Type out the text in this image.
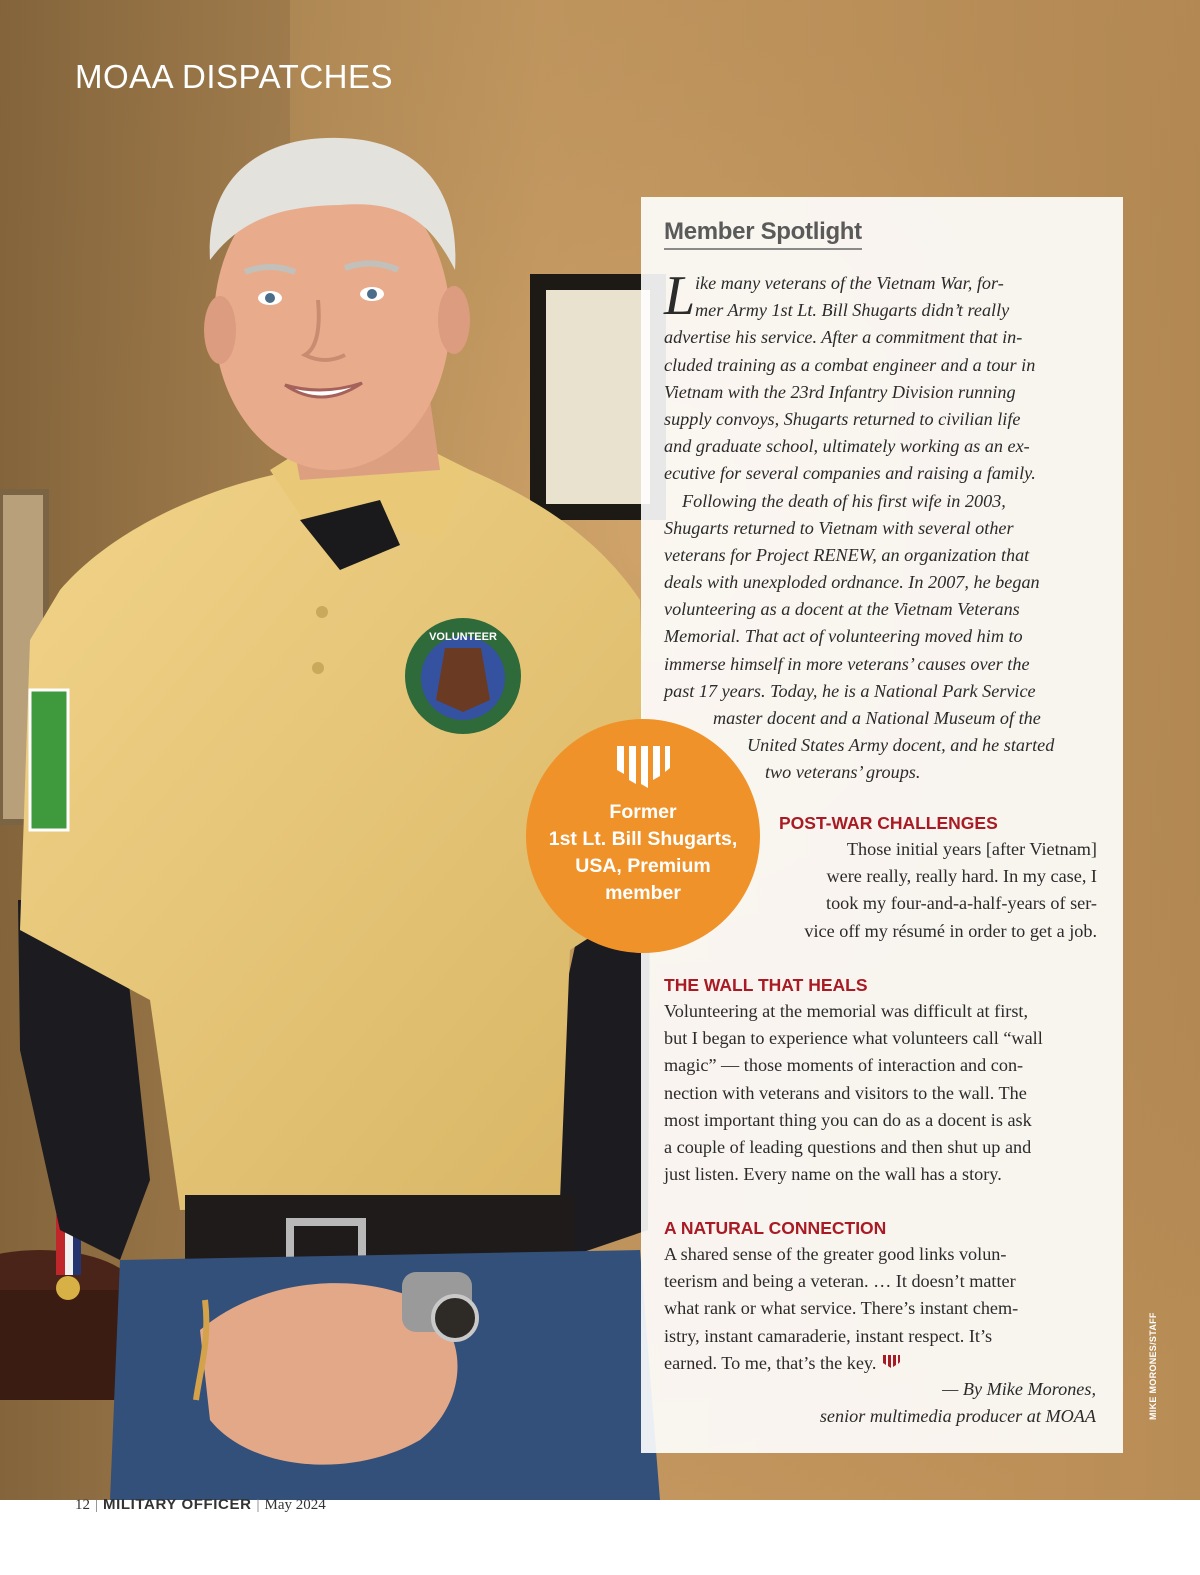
VOLUNTEER
MOAA DISPATCHES
Member Spotlight
L ike many veterans of the Vietnam War, for-
mer Army 1st Lt. Bill Shugarts didn’t really
advertise his service. After a commitment that in-
cluded training as a combat engineer and a tour in
Vietnam with the 23rd Infantry Division running
supply convoys, Shugarts returned to civilian life
and graduate school, ultimately working as an ex-
ecutive for several companies and raising a family.
Following the death of his first wife in 2003,
Shugarts returned to Vietnam with several other
veterans for Project RENEW, an organization that
deals with unexploded ordnance. In 2007, he began
volunteering as a docent at the Vietnam Veterans
Memorial. That act of volunteering moved him to
immerse himself in more veterans’ causes over the
past 17 years. Today, he is a National Park Service
master docent and a National Museum of the
United States Army docent, and he started
two veterans’ groups.
POST-WAR CHALLENGES
Those initial years [after Vietnam]
were really, really hard. In my case, I
took my four-and-a-half-years of ser-
vice off my résumé in order to get a job.
THE WALL THAT HEALS
Volunteering at the memorial was difficult at first,
but I began to experience what volunteers call “wall
magic” — those moments of interaction and con-
nection with veterans and visitors to the wall. The
most important thing you can do as a docent is ask
a couple of leading questions and then shut up and
just listen. Every name on the wall has a story.
A NATURAL CONNECTION
A shared sense of the greater good links volun-
teerism and being a veteran. … It doesn’t matter
what rank or what service. There’s instant chem-
istry, instant camaraderie, instant respect. It’s
earned. To me, that’s the key.
— By Mike Morones,
senior multimedia producer at MOAA

Former
1st Lt. Bill Shugarts,
USA, Premium
member

MIKE MORONES/STAFF
12 | MILITARY OFFICER | May 2024
